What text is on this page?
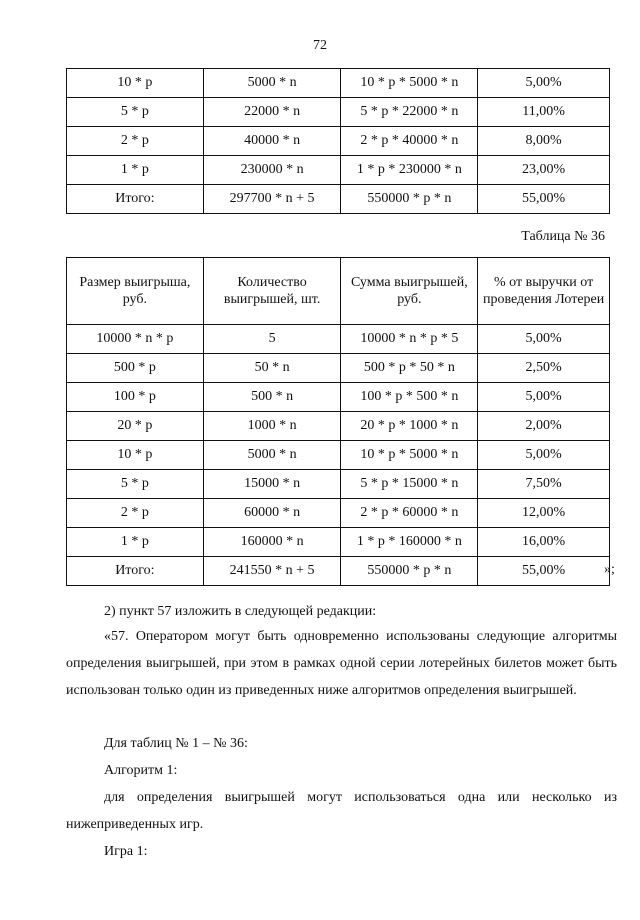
72
10 * р	5000 * n	10 * р * 5000 * n	5,00%
5 * р	22000 * n	5 * р * 22000 * n	11,00%
2 * р	40000 * n	2 * р * 40000 * n	8,00%
1 * р	230000 * n	1 * р * 230000 * n	23,00%
Итого:	297700 * n + 5	550000 * р * n	55,00%
Таблица № 36
Размер выигрыша, руб.	Количество выигрышей, шт.	Сумма выигрышей, руб.	% от выручки от проведения Лотереи
10000 * n * р	5	10000 * n * р * 5	5,00%
500 * р	50 * n	500 * р * 50 * n	2,50%
100 * р	500 * n	100 * р * 500 * n	5,00%
20 * р	1000 * n	20 * р * 1000 * n	2,00%
10 * р	5000 * n	10 * р * 5000 * n	5,00%
5 * р	15000 * n	5 * р * 15000 * n	7,50%
2 * р	60000 * n	2 * р * 60000 * n	12,00%
1 * р	160000 * n	1 * р * 160000 * n	16,00%
Итого:	241550 * n + 5	550000 * р * n	55,00%	»;

2) пункт 57 изложить в следующей редакции:

«57. Оператором могут быть одновременно использованы следующие алгоритмы определения выигрышей, при этом в рамках одной серии лотерейных билетов может быть использован только один из приведенных ниже алгоритмов определения выигрышей.

Для таблиц № 1 – № 36:

Алгоритм 1:

для определения выигрышей могут использоваться одна или несколько из нижеприведенных игр.

Игра 1:
